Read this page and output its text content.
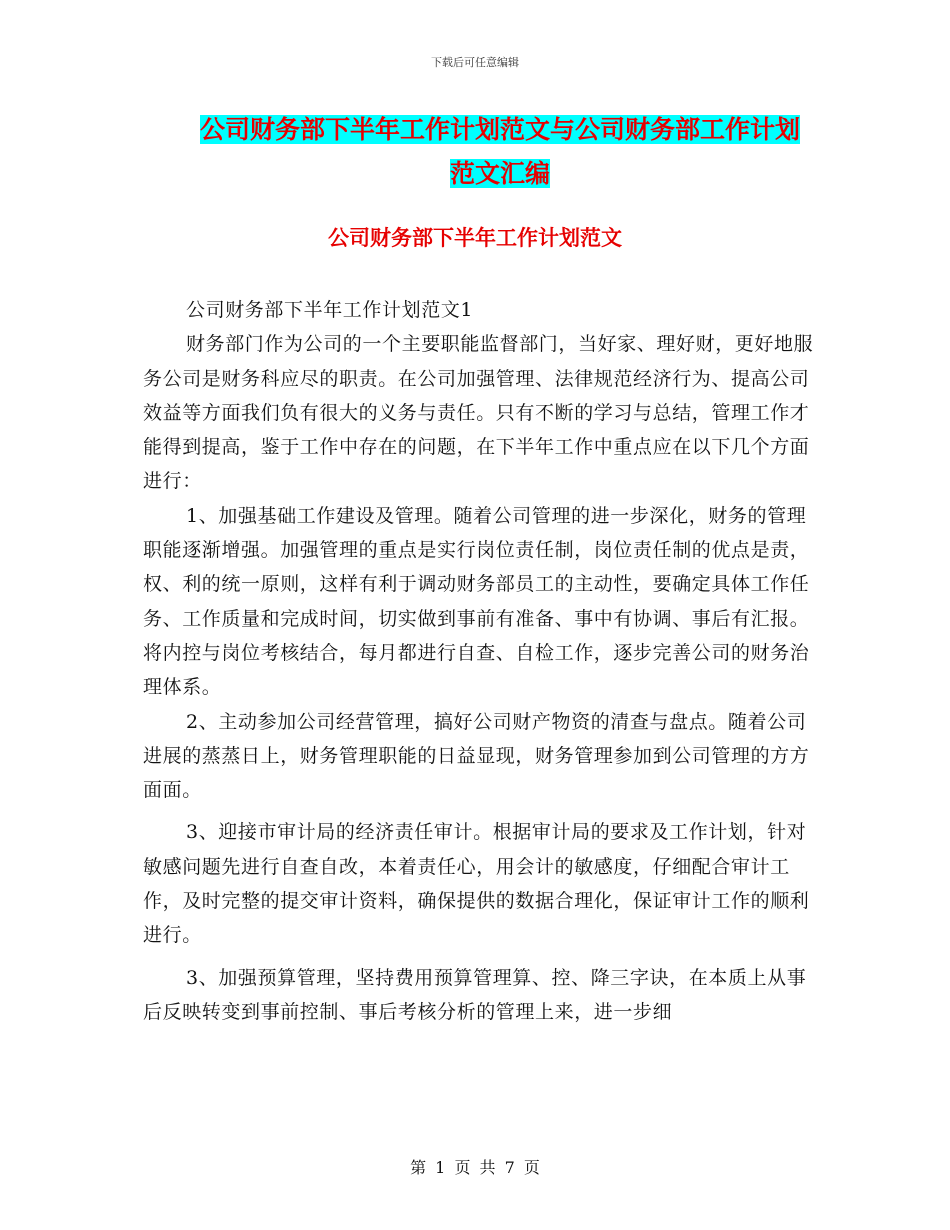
下载后可任意编辑
公司财务部下半年工作计划范文与公司财务部工作计划范文汇编
公司财务部下半年工作计划范文

公司财务部下半年工作计划范文1

财务部门作为公司的一个主要职能监督部门，当好家、理好财，更好地服务公司是财务科应尽的职责。在公司加强管理、法律规范经济行为、提高公司效益等方面我们负有很大的义务与责任。只有不断的学习与总结，管理工作才能得到提高，鉴于工作中存在的问题，在下半年工作中重点应在以下几个方面进行：

1、加强基础工作建设及管理。随着公司管理的进一步深化，财务的管理职能逐渐增强。加强管理的重点是实行岗位责任制，岗位责任制的优点是责，权、利的统一原则，这样有利于调动财务部员工的主动性，要确定具体工作任务、工作质量和完成时间，切实做到事前有准备、事中有协调、事后有汇报。将内控与岗位考核结合，每月都进行自查、自检工作，逐步完善公司的财务治理体系。

2、主动参加公司经营管理，搞好公司财产物资的清查与盘点。随着公司进展的蒸蒸日上，财务管理职能的日益显现，财务管理参加到公司管理的方方面面。

3、迎接市审计局的经济责任审计。根据审计局的要求及工作计划，针对敏感问题先进行自查自改，本着责任心，用会计的敏感度，仔细配合审计工作，及时完整的提交审计资料，确保提供的数据合理化，保证审计工作的顺利进行。

3、加强预算管理，坚持费用预算管理算、控、降三字诀，在本质上从事后反映转变到事前控制、事后考核分析的管理上来，进一步细

第 1 页 共 7 页
